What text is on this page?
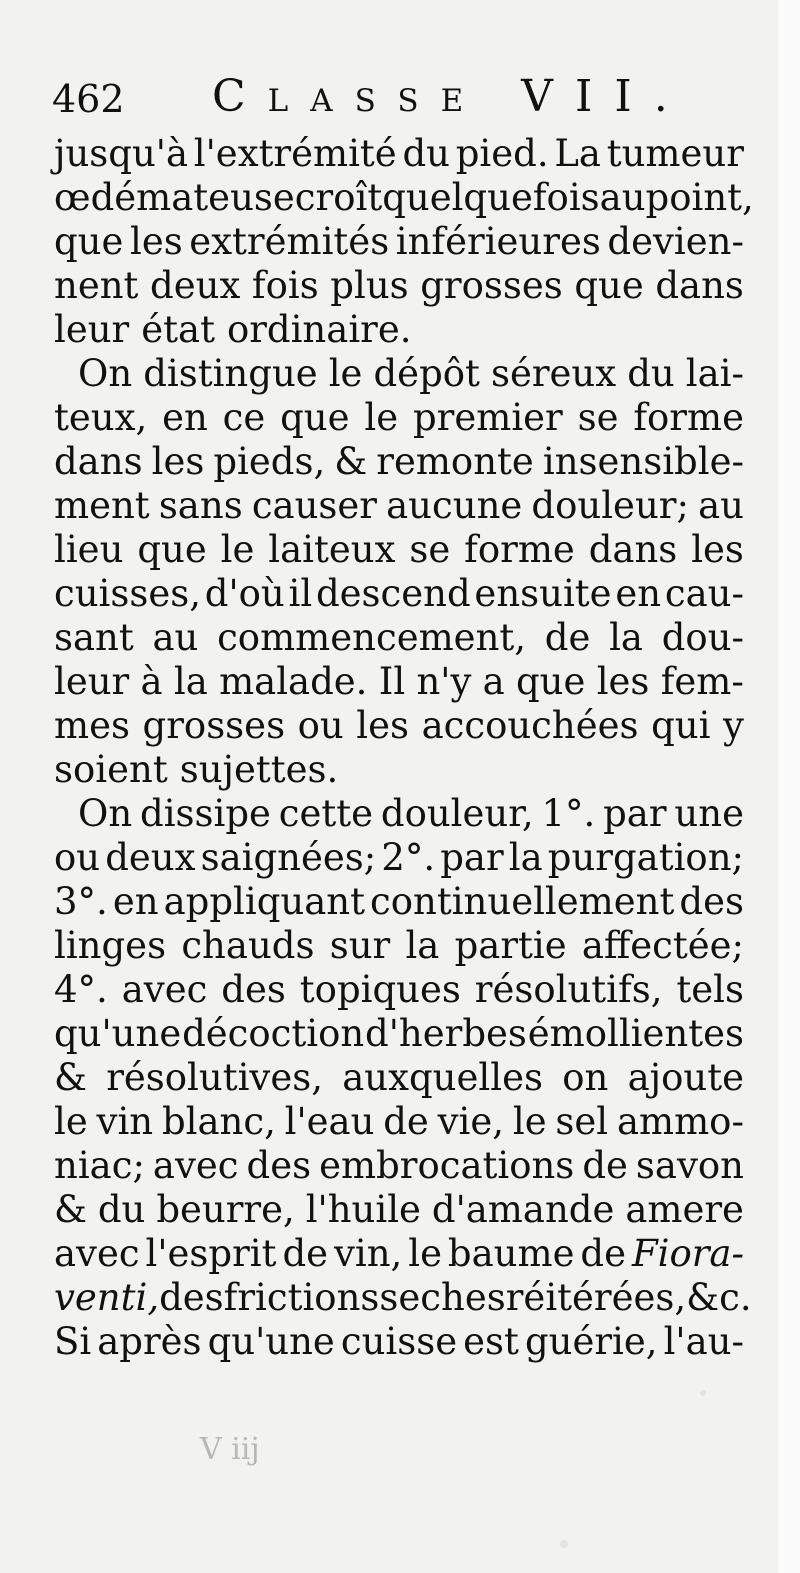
462 Classe VII.
jusqu'à l'extrémité du pied. La tumeur
œdémateuse croît quelquefois au point,
que les extrémités inférieures devien-
nent deux fois plus grosses que dans
leur état ordinaire.
On distingue le dépôt séreux du lai-
teux, en ce que le premier se forme
dans les pieds, & remonte insensible-
ment sans causer aucune douleur; au
lieu que le laiteux se forme dans les
cuisses, d'où il descend ensuite en cau-
sant au commencement, de la dou-
leur à la malade. Il n'y a que les fem-
mes grosses ou les accouchées qui y
soient sujettes.
On dissipe cette douleur, 1°. par une
ou deux saignées; 2°. par la purgation;
3°. en appliquant continuellement des
linges chauds sur la partie affectée;
4°. avec des topiques résolutifs, tels
qu'une décoction d'herbes émollientes
& résolutives, auxquelles on ajoute
le vin blanc, l'eau de vie, le sel ammo-
niac; avec des embrocations de savon
& du beurre, l'huile d'amande amere
avec l'esprit de vin, le baume de Fiora-
venti, des frictions seches réitérées, &c.
Si après qu'une cuisse est guérie, l'au-
V iij
